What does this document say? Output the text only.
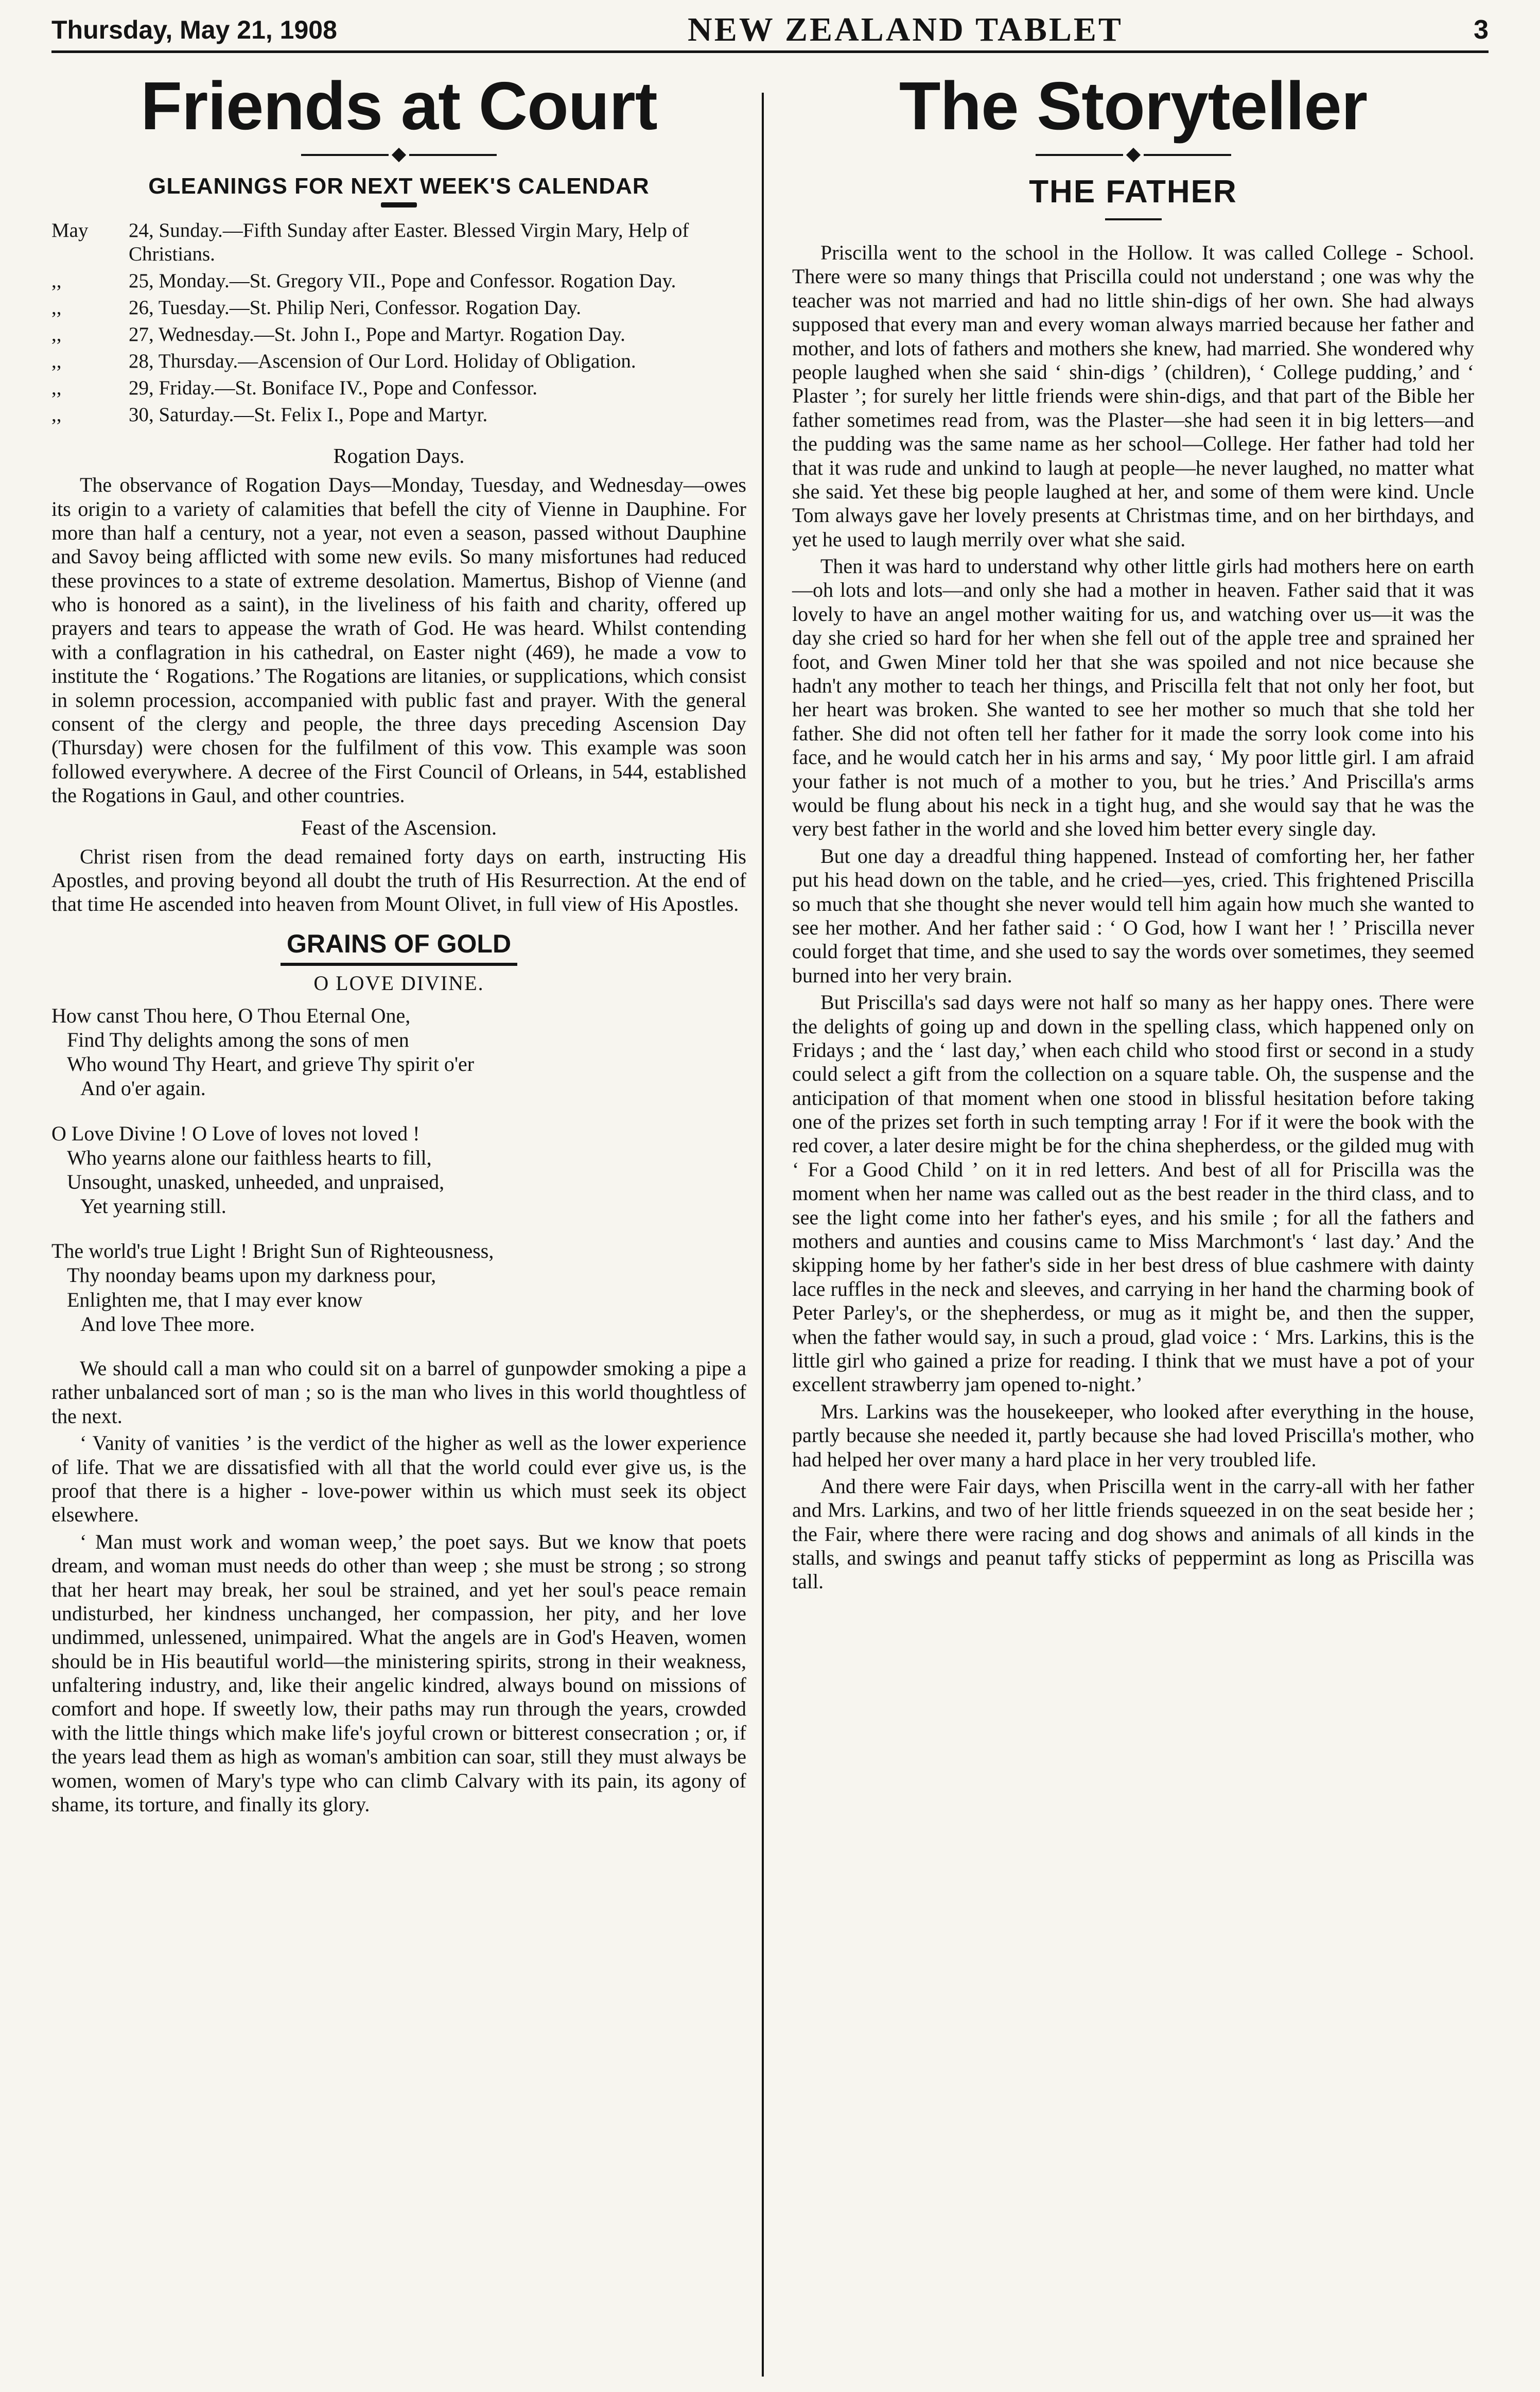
Thursday, May 21, 1908	NEW ZEALAND TABLET	3
Friends at Court
GLEANINGS FOR NEXT WEEK'S CALENDAR
May	24, Sunday.—Fifth Sunday after Easter. Blessed Virgin Mary, Help of Christians.
,,	25, Monday.—St. Gregory VII., Pope and Confessor. Rogation Day.
,,	26, Tuesday.—St. Philip Neri, Confessor. Rogation Day.
,,	27, Wednesday.—St. John I., Pope and Martyr. Rogation Day.
,,	28, Thursday.—Ascension of Our Lord. Holiday of Obligation.
,,	29, Friday.—St. Boniface IV., Pope and Confessor.
,,	30, Saturday.—St. Felix I., Pope and Martyr.
Rogation Days.

The observance of Rogation Days—Monday, Tuesday, and Wednesday—owes its origin to a variety of calamities that befell the city of Vienne in Dauphine. For more than half a century, not a year, not even a season, passed without Dauphine and Savoy being afflicted with some new evils. So many misfortunes had reduced these provinces to a state of extreme desolation. Mamertus, Bishop of Vienne (and who is honored as a saint), in the liveliness of his faith and charity, offered up prayers and tears to appease the wrath of God. He was heard. Whilst contending with a conflagration in his cathedral, on Easter night (469), he made a vow to institute the ‘ Rogations.’ The Rogations are litanies, or supplications, which consist in solemn procession, accompanied with public fast and prayer. With the general consent of the clergy and people, the three days preceding Ascension Day (Thursday) were chosen for the fulfilment of this vow. This example was soon followed everywhere. A decree of the First Council of Orleans, in 544, established the Rogations in Gaul, and other countries.

Feast of the Ascension.

Christ risen from the dead remained forty days on earth, instructing His Apostles, and proving beyond all doubt the truth of His Resurrection. At the end of that time He ascended into heaven from Mount Olivet, in full view of His Apostles.

GRAINS OF GOLD
O LOVE DIVINE.
How canst Thou here, O Thou Eternal One,
Find Thy delights among the sons of men
Who wound Thy Heart, and grieve Thy spirit o'er
And o'er again.
O Love Divine ! O Love of loves not loved !
Who yearns alone our faithless hearts to fill,
Unsought, unasked, unheeded, and unpraised,
Yet yearning still.
The world's true Light ! Bright Sun of Righteousness,
Thy noonday beams upon my darkness pour,
Enlighten me, that I may ever know
And love Thee more.

We should call a man who could sit on a barrel of gunpowder smoking a pipe a rather unbalanced sort of man ; so is the man who lives in this world thoughtless of the next.

‘ Vanity of vanities ’ is the verdict of the higher as well as the lower experience of life. That we are dissatisfied with all that the world could ever give us, is the proof that there is a higher - love-power within us which must seek its object elsewhere.

‘ Man must work and woman weep,’ the poet says. But we know that poets dream, and woman must needs do other than weep ; she must be strong ; so strong that her heart may break, her soul be strained, and yet her soul's peace remain undisturbed, her kindness unchanged, her compassion, her pity, and her love undimmed, unlessened, unimpaired. What the angels are in God's Heaven, women should be in His beautiful world—the ministering spirits, strong in their weakness, unfaltering industry, and, like their angelic kindred, always bound on missions of comfort and hope. If sweetly low, their paths may run through the years, crowded with the little things which make life's joyful crown or bitterest consecration ; or, if the years lead them as high as woman's ambition can soar, still they must always be women, women of Mary's type who can climb Calvary with its pain, its agony of shame, its torture, and finally its glory.

The Storyteller
THE FATHER

Priscilla went to the school in the Hollow. It was called College - School. There were so many things that Priscilla could not understand ; one was why the teacher was not married and had no little shin-digs of her own. She had always supposed that every man and every woman always married because her father and mother, and lots of fathers and mothers she knew, had married. She wondered why people laughed when she said ‘ shin-digs ’ (children), ‘ College pudding,’ and ‘ Plaster ’; for surely her little friends were shin-digs, and that part of the Bible her father sometimes read from, was the Plaster—she had seen it in big letters—and the pudding was the same name as her school—College. Her father had told her that it was rude and unkind to laugh at people—he never laughed, no matter what she said. Yet these big people laughed at her, and some of them were kind. Uncle Tom always gave her lovely presents at Christmas time, and on her birthdays, and yet he used to laugh merrily over what she said.

Then it was hard to understand why other little girls had mothers here on earth—oh lots and lots—and only she had a mother in heaven. Father said that it was lovely to have an angel mother waiting for us, and watching over us—it was the day she cried so hard for her when she fell out of the apple tree and sprained her foot, and Gwen Miner told her that she was spoiled and not nice because she hadn't any mother to teach her things, and Priscilla felt that not only her foot, but her heart was broken. She wanted to see her mother so much that she told her father. She did not often tell her father for it made the sorry look come into his face, and he would catch her in his arms and say, ‘ My poor little girl. I am afraid your father is not much of a mother to you, but he tries.’ And Priscilla's arms would be flung about his neck in a tight hug, and she would say that he was the very best father in the world and she loved him better every single day.

But one day a dreadful thing happened. Instead of comforting her, her father put his head down on the table, and he cried—yes, cried. This frightened Priscilla so much that she thought she never would tell him again how much she wanted to see her mother. And her father said : ‘ O God, how I want her ! ’ Priscilla never could forget that time, and she used to say the words over sometimes, they seemed burned into her very brain.

But Priscilla's sad days were not half so many as her happy ones. There were the delights of going up and down in the spelling class, which happened only on Fridays ; and the ‘ last day,’ when each child who stood first or second in a study could select a gift from the collection on a square table. Oh, the suspense and the anticipation of that moment when one stood in blissful hesitation before taking one of the prizes set forth in such tempting array ! For if it were the book with the red cover, a later desire might be for the china shepherdess, or the gilded mug with ‘ For a Good Child ’ on it in red letters. And best of all for Priscilla was the moment when her name was called out as the best reader in the third class, and to see the light come into her father's eyes, and his smile ; for all the fathers and mothers and aunties and cousins came to Miss Marchmont's ‘ last day.’ And the skipping home by her father's side in her best dress of blue cashmere with dainty lace ruffles in the neck and sleeves, and carrying in her hand the charming book of Peter Parley's, or the shepherdess, or mug as it might be, and then the supper, when the father would say, in such a proud, glad voice : ‘ Mrs. Larkins, this is the little girl who gained a prize for reading. I think that we must have a pot of your excellent strawberry jam opened to-night.’

Mrs. Larkins was the housekeeper, who looked after everything in the house, partly because she needed it, partly because she had loved Priscilla's mother, who had helped her over many a hard place in her very troubled life.

And there were Fair days, when Priscilla went in the carry-all with her father and Mrs. Larkins, and two of her little friends squeezed in on the seat beside her ; the Fair, where there were racing and dog shows and animals of all kinds in the stalls, and swings and peanut taffy sticks of peppermint as long as Priscilla was tall.
